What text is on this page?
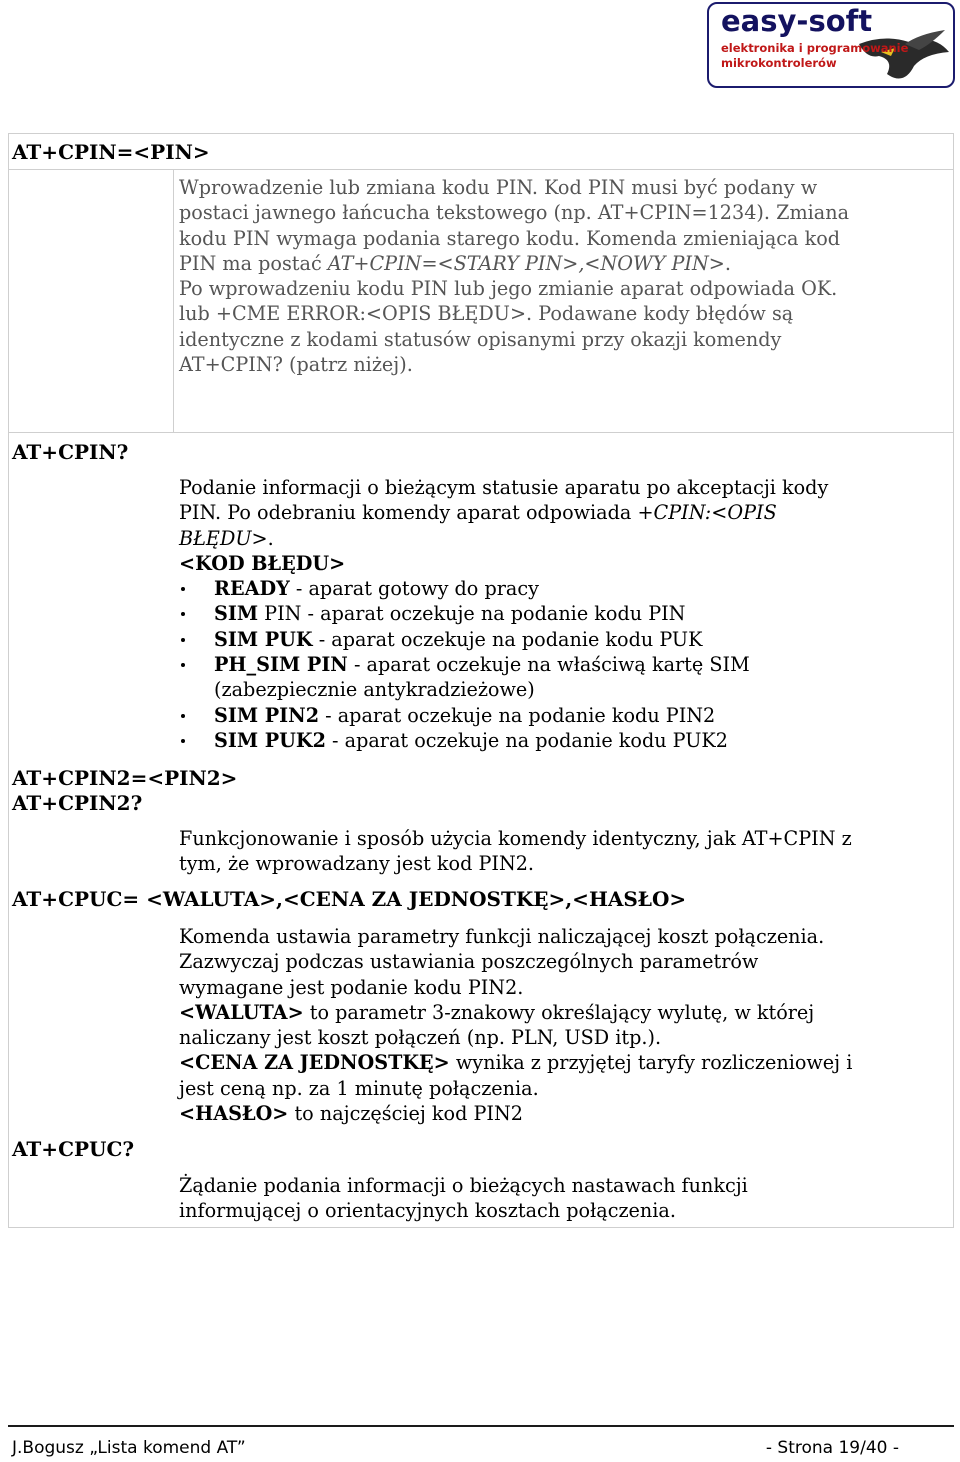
easy-soft
elektronika i programowanie
mikrokontrolerów
AT+CPIN=<PIN>

Wprowadzenie lub zmiana kodu PIN. Kod PIN musi być podany w

postaci jawnego łańcucha tekstowego (np. AT+CPIN=1234). Zmiana

kodu PIN wymaga podania starego kodu. Komenda zmieniająca kod

PIN ma postać AT+CPIN=<STARY PIN>,<NOWY PIN>.

Po wprowadzeniu kodu PIN lub jego zmianie aparat odpowiada OK.

lub +CME ERROR:<OPIS BŁĘDU>. Podawane kody błędów są

identyczne z kodami statusów opisanymi przy okazji komendy

AT+CPIN? (patrz niżej).

AT+CPIN?

Podanie informacji o bieżącym statusie aparatu po akceptacji kody

PIN. Po odebraniu komendy aparat odpowiada +CPIN:<OPIS

BŁĘDU>.

<KOD BŁĘDU>

READY - aparat gotowy do pracy
SIM PIN - aparat oczekuje na podanie kodu PIN
SIM PUK - aparat oczekuje na podanie kodu PUK
PH_SIM PIN - aparat oczekuje na właściwą kartę SIM
(zabezpiecznie antykradzieżowe)
SIM PIN2 - aparat oczekuje na podanie kodu PIN2
SIM PUK2 - aparat oczekuje na podanie kodu PUK2
AT+CPIN2=<PIN2>
AT+CPIN2?

Funkcjonowanie i sposób użycia komendy identyczny, jak AT+CPIN z

tym, że wprowadzany jest kod PIN2.

AT+CPUC= <WALUTA>,<CENA ZA JEDNOSTKĘ>,<HASŁO>

Komenda ustawia parametry funkcji naliczającej koszt połączenia.

Zazwyczaj podczas ustawiania poszczególnych parametrów

wymagane jest podanie kodu PIN2.

<WALUTA> to parametr 3-znakowy określający wylutę, w której

naliczany jest koszt połączeń (np. PLN, USD itp.).

<CENA ZA JEDNOSTKĘ> wynika z przyjętej taryfy rozliczeniowej i

jest ceną np. za 1 minutę połączenia.

<HASŁO> to najczęściej kod PIN2

AT+CPUC?

Żądanie podania informacji o bieżących nastawach funkcji

informującej o orientacyjnych kosztach połączenia.

J.Bogusz „Lista komend AT”	- Strona 19/40 -
